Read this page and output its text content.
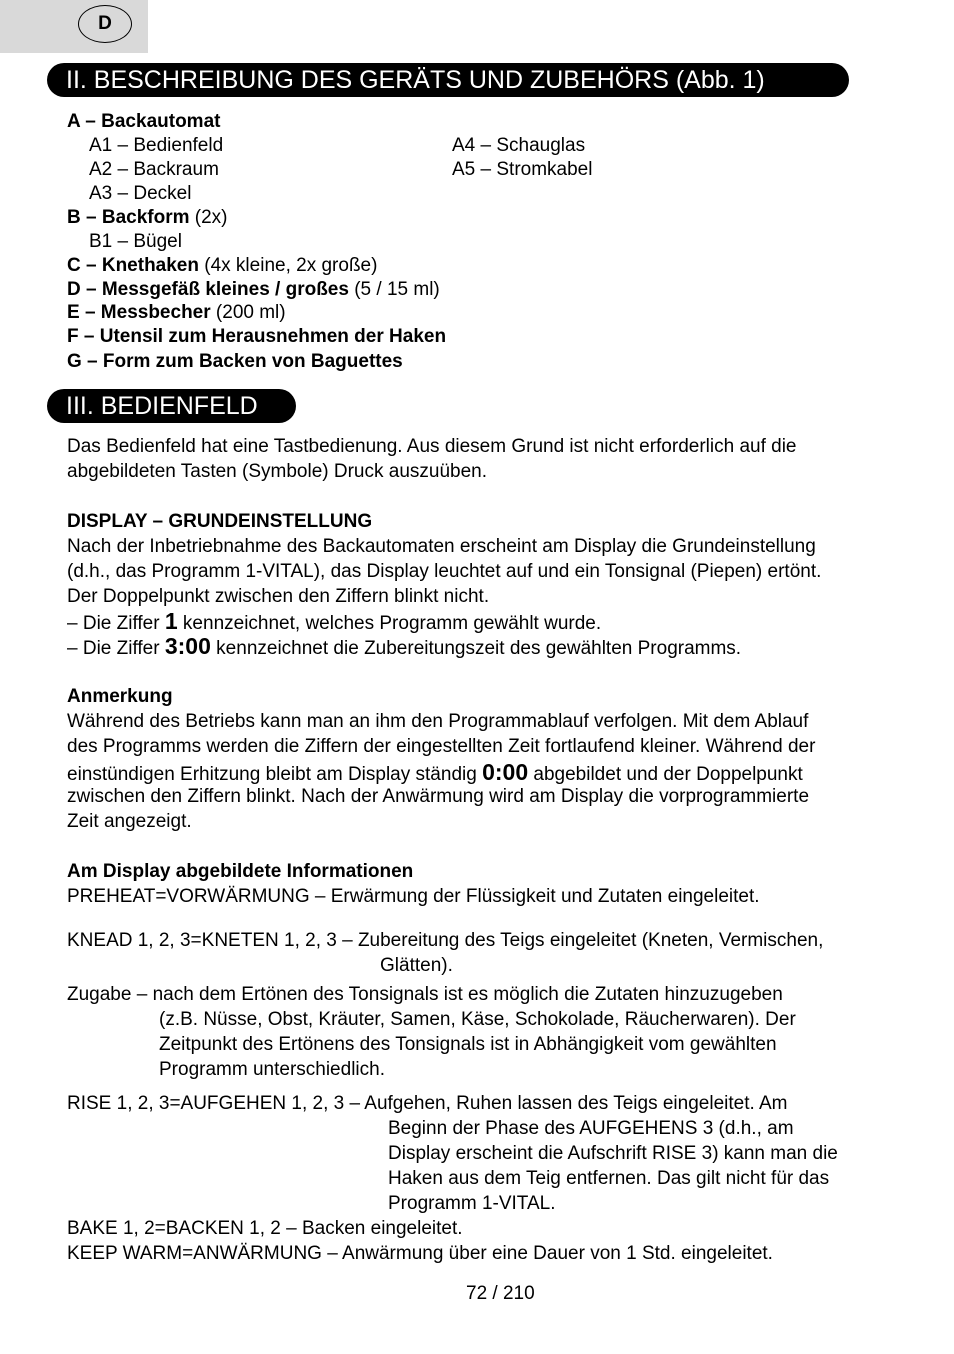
D
II. BESCHREIBUNG DES GERÄTS UND ZUBEHÖRS (Abb. 1)
A – Backautomat
A1 – Bedienfeld	A4 – Schauglas
A2 – Backraum	A5 – Stromkabel
A3 – Deckel
B – Backform (2x)
B1 – Bügel
C – Knethaken (4x kleine, 2x große)
D – Messgefäß kleines / großes (5 / 15 ml)
E – Messbecher (200 ml)
F – Utensil zum Herausnehmen der Haken
G – Form zum Backen von Baguettes
III. BEDIENFELD
Das Bedienfeld hat eine Tastbedienung. Aus diesem Grund ist nicht erforderlich auf die
abgebildeten Tasten (Symbole) Druck auszuüben.
DISPLAY – GRUNDEINSTELLUNG
Nach der Inbetriebnahme des Backautomaten erscheint am Display die Grundeinstellung
(d.h., das Programm 1-VITAL), das Display leuchtet auf und ein Tonsignal (Piepen) ertönt.
Der Doppelpunkt zwischen den Ziffern blinkt nicht.
– Die Ziffer 1 kennzeichnet, welches Programm gewählt wurde.
– Die Ziffer 3:00 kennzeichnet die Zubereitungszeit des gewählten Programms.
Anmerkung
Während des Betriebs kann man an ihm den Programmablauf verfolgen. Mit dem Ablauf
des Programms werden die Ziffern der eingestellten Zeit fortlaufend kleiner. Während der
einstündigen Erhitzung bleibt am Display ständig 0:00 abgebildet und der Doppelpunkt
zwischen den Ziffern blinkt. Nach der Anwärmung wird am Display die vorprogrammierte
Zeit angezeigt.
Am Display abgebildete Informationen
PREHEAT=VORWÄRMUNG – Erwärmung der Flüssigkeit und Zutaten eingeleitet.
KNEAD 1, 2, 3=KNETEN 1, 2, 3 – Zubereitung des Teigs eingeleitet (Kneten, Vermischen,
Glätten).
Zugabe – nach dem Ertönen des Tonsignals ist es möglich die Zutaten hinzuzugeben
(z.B. Nüsse, Obst, Kräuter, Samen, Käse, Schokolade, Räucherwaren). Der
Zeitpunkt des Ertönens des Tonsignals ist in Abhängigkeit vom gewählten
Programm unterschiedlich.
RISE 1, 2, 3=AUFGEHEN 1, 2, 3 – Aufgehen, Ruhen lassen des Teigs eingeleitet. Am
Beginn der Phase des AUFGEHENS 3 (d.h., am
Display erscheint die Aufschrift RISE 3) kann man die
Haken aus dem Teig entfernen. Das gilt nicht für das
Programm 1-VITAL.
BAKE 1, 2=BACKEN 1, 2 – Backen eingeleitet.
KEEP WARM=ANWÄRMUNG – Anwärmung über eine Dauer von 1 Std. eingeleitet.
72 / 210
